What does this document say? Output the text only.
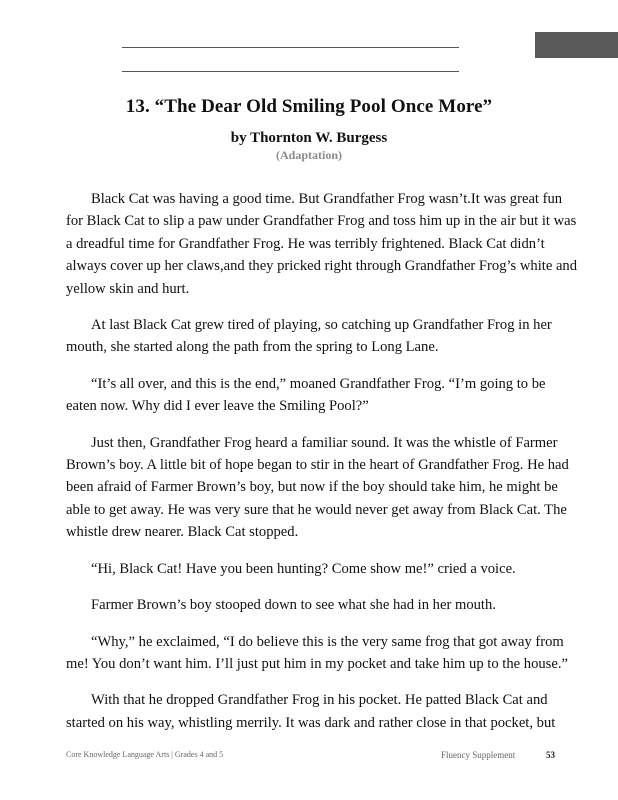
13. “The Dear Old Smiling Pool Once More”
by Thornton W. Burgess
(Adaptation)

Black Cat was having a good time. But Grandfather Frog wasn’t.It was great fun for Black Cat to slip a paw under Grandfather Frog and toss him up in the air but it was a dreadful time for Grandfather Frog. He was terribly frightened. Black Cat didn’t always cover up her claws,and they pricked right through Grandfather Frog’s white and yellow skin and hurt.

At last Black Cat grew tired of playing, so catching up Grandfather Frog in her mouth, she started along the path from the spring to Long Lane.

“It’s all over, and this is the end,” moaned Grandfather Frog. “I’m going to be eaten now. Why did I ever leave the Smiling Pool?”

Just then, Grandfather Frog heard a familiar sound. It was the whistle of Farmer Brown’s boy. A little bit of hope began to stir in the heart of Grandfather Frog. He had been afraid of Farmer Brown’s boy, but now if the boy should take him, he might be able to get away. He was very sure that he would never get away from Black Cat. The whistle drew nearer. Black Cat stopped.

“Hi, Black Cat! Have you been hunting? Come show me!” cried a voice.

Farmer Brown’s boy stooped down to see what she had in her mouth.

“Why,” he exclaimed, “I do believe this is the very same frog that got away from me! You don’t want him. I’ll just put him in my pocket and take him up to the house.”

With that he dropped Grandfather Frog in his pocket. He patted Black Cat and started on his way, whistling merrily. It was dark and rather close in that pocket, but

Core Knowledge Language Arts | Grades 4 and 5	Fluency Supplement	53
